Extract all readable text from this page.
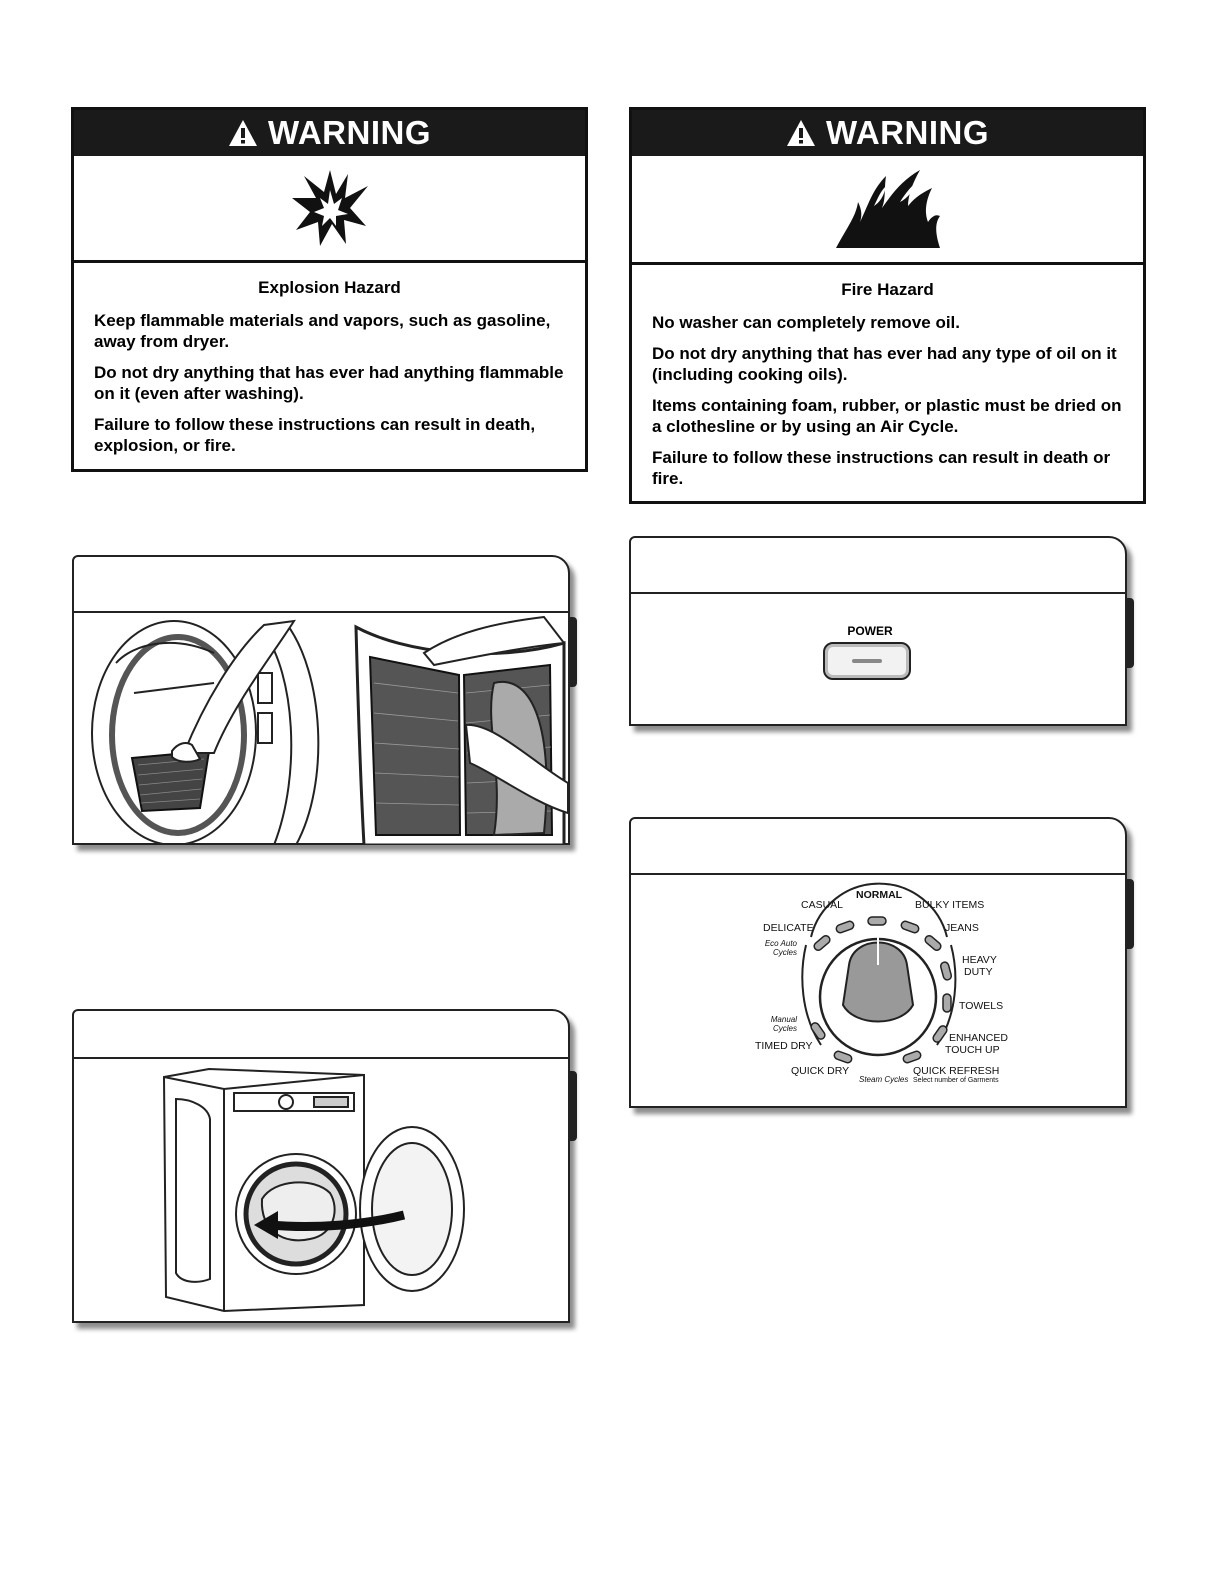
WARNING
Explosion Hazard

Keep flammable materials and vapors, such as gasoline, away from dryer.

Do not dry anything that has ever had anything flammable on it (even after washing).

Failure to follow these instructions can result in death, explosion, or fire.

WARNING
Fire Hazard

No washer can completely remove oil.

Do not dry anything that has ever had any type of oil on it (including cooking oils).

Items containing foam, rubber, or plastic must be dried on a clothesline or by using an Air Cycle.

Failure to follow these instructions can result in death or fire.

POWER
NORMAL
CASUAL	BULKY ITEMS
DELICATE	JEANS
Eco Auto Cycles
HEAVY
DUTY
TOWELS
Manual Cycles
ENHANCED
TOUCH UP
TIMED DRY
QUICK DRY
Steam Cycles
QUICK REFRESH
Select number of Garments
